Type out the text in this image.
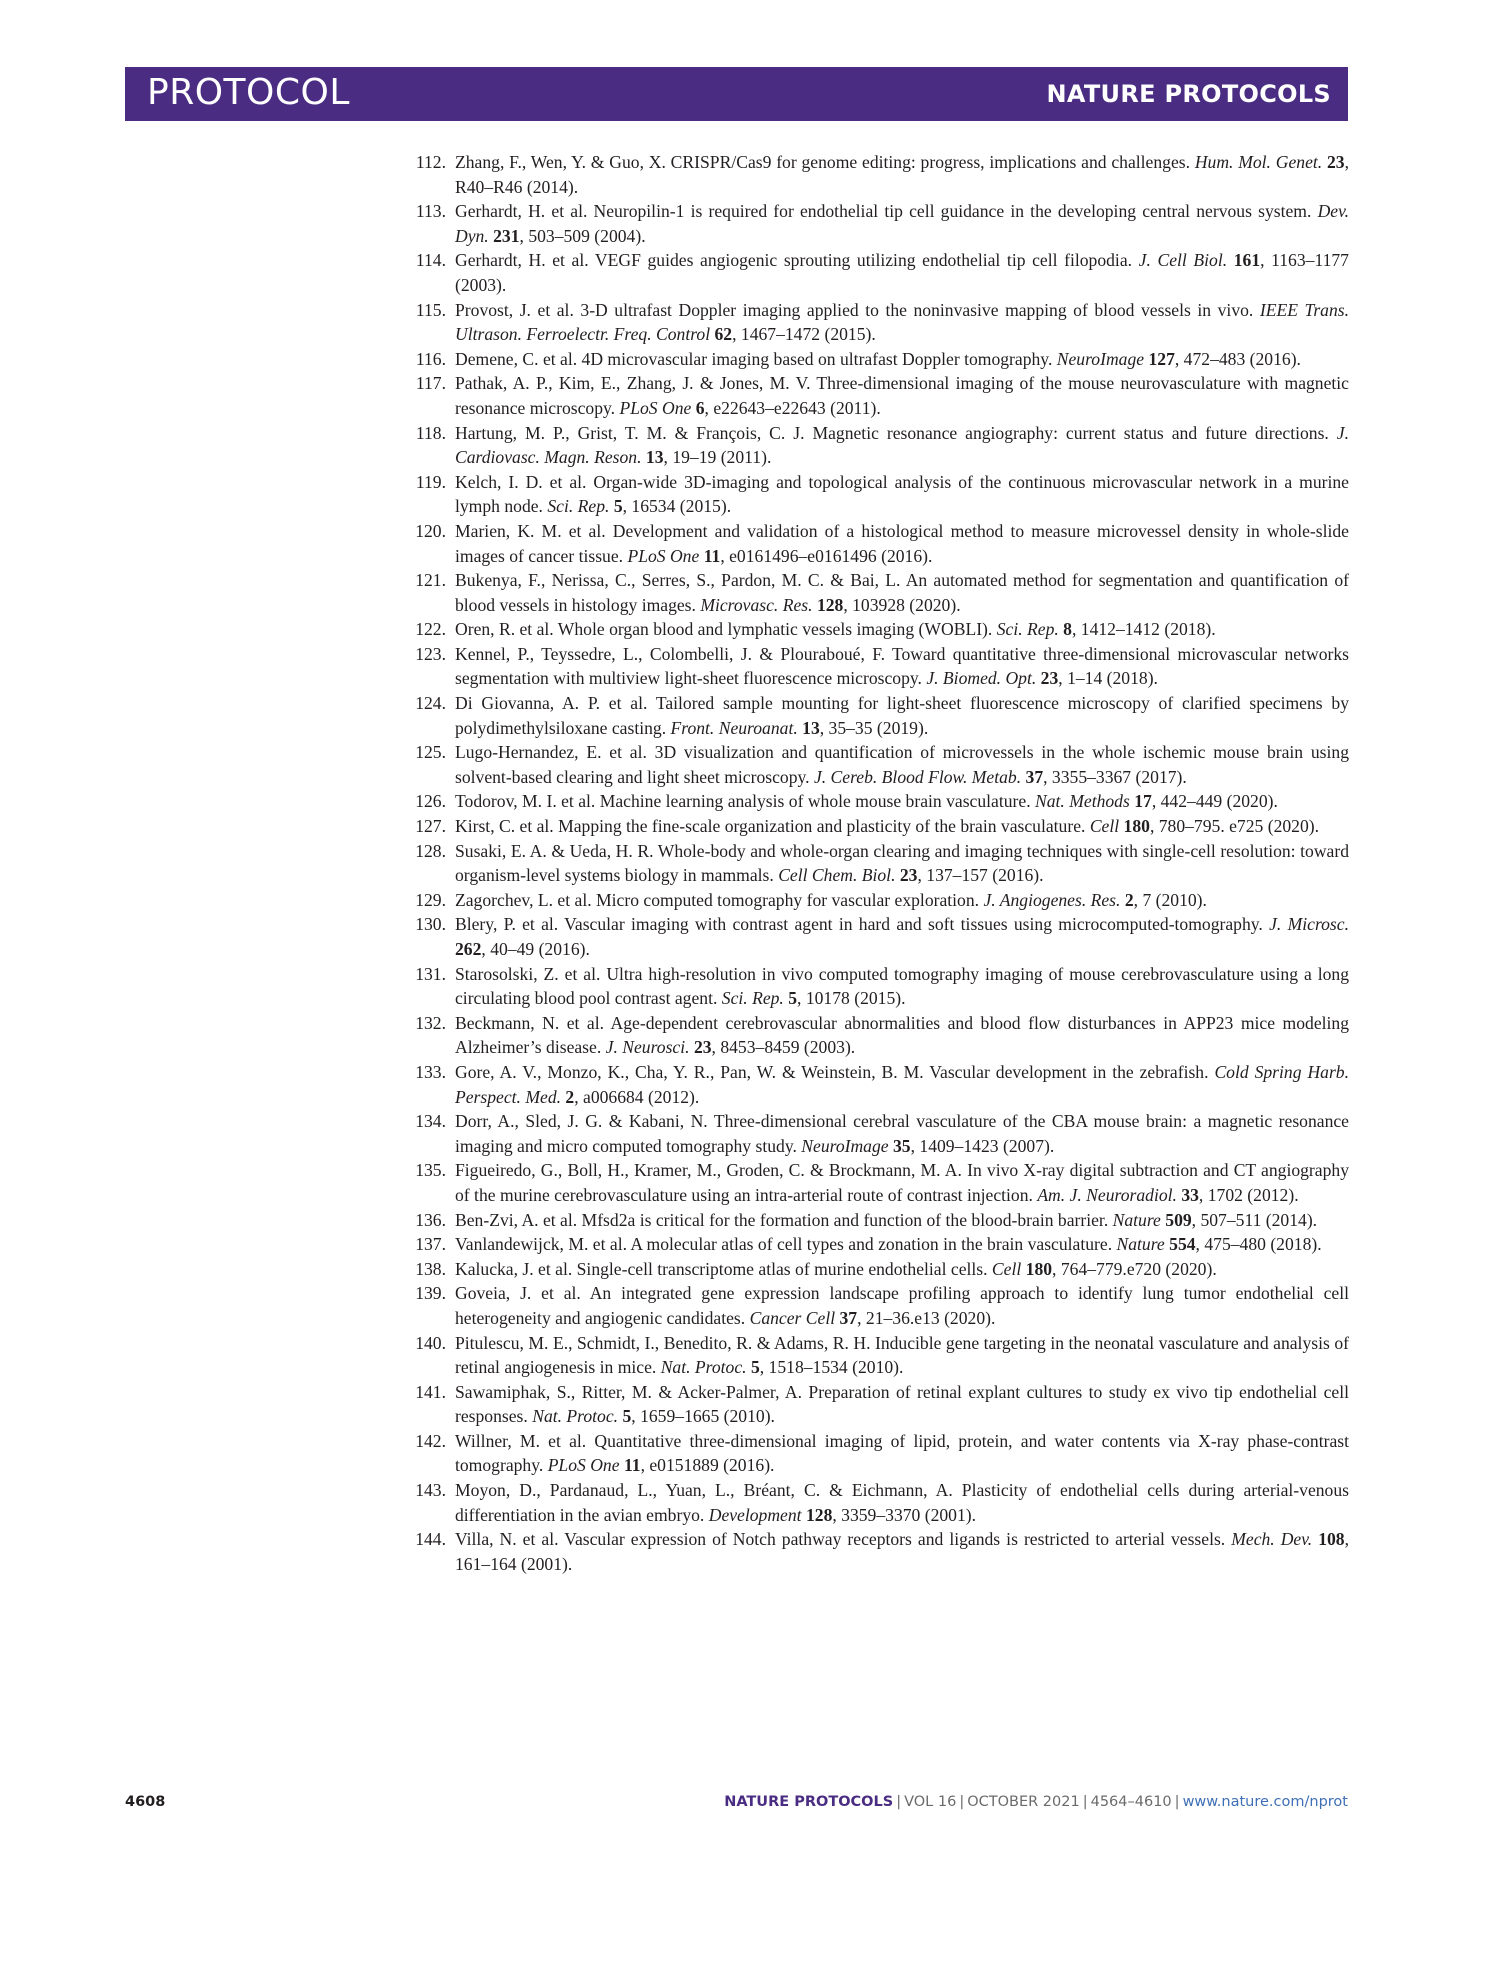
PROTOCOL	NATURE PROTOCOLS
112. Zhang, F., Wen, Y. & Guo, X. CRISPR/Cas9 for genome editing: progress, implications and challenges. Hum. Mol. Genet. 23, R40–R46 (2014).
113. Gerhardt, H. et al. Neuropilin-1 is required for endothelial tip cell guidance in the developing central nervous system. Dev. Dyn. 231, 503–509 (2004).
114. Gerhardt, H. et al. VEGF guides angiogenic sprouting utilizing endothelial tip cell filopodia. J. Cell Biol. 161, 1163–1177 (2003).
115. Provost, J. et al. 3-D ultrafast Doppler imaging applied to the noninvasive mapping of blood vessels in vivo. IEEE Trans. Ultrason. Ferroelectr. Freq. Control 62, 1467–1472 (2015).
116. Demene, C. et al. 4D microvascular imaging based on ultrafast Doppler tomography. NeuroImage 127, 472–483 (2016).
117. Pathak, A. P., Kim, E., Zhang, J. & Jones, M. V. Three-dimensional imaging of the mouse neurovasculature with magnetic resonance microscopy. PLoS One 6, e22643–e22643 (2011).
118. Hartung, M. P., Grist, T. M. & François, C. J. Magnetic resonance angiography: current status and future directions. J. Cardiovasc. Magn. Reson. 13, 19–19 (2011).
119. Kelch, I. D. et al. Organ-wide 3D-imaging and topological analysis of the continuous microvascular network in a murine lymph node. Sci. Rep. 5, 16534 (2015).
120. Marien, K. M. et al. Development and validation of a histological method to measure microvessel density in whole-slide images of cancer tissue. PLoS One 11, e0161496–e0161496 (2016).
121. Bukenya, F., Nerissa, C., Serres, S., Pardon, M. C. & Bai, L. An automated method for segmentation and quantification of blood vessels in histology images. Microvasc. Res. 128, 103928 (2020).
122. Oren, R. et al. Whole organ blood and lymphatic vessels imaging (WOBLI). Sci. Rep. 8, 1412–1412 (2018).
123. Kennel, P., Teyssedre, L., Colombelli, J. & Plouraboué, F. Toward quantitative three-dimensional microvascular networks segmentation with multiview light-sheet fluorescence microscopy. J. Biomed. Opt. 23, 1–14 (2018).
124. Di Giovanna, A. P. et al. Tailored sample mounting for light-sheet fluorescence microscopy of clarified specimens by polydimethylsiloxane casting. Front. Neuroanat. 13, 35–35 (2019).
125. Lugo-Hernandez, E. et al. 3D visualization and quantification of microvessels in the whole ischemic mouse brain using solvent-based clearing and light sheet microscopy. J. Cereb. Blood Flow. Metab. 37, 3355–3367 (2017).
126. Todorov, M. I. et al. Machine learning analysis of whole mouse brain vasculature. Nat. Methods 17, 442–449 (2020).
127. Kirst, C. et al. Mapping the fine-scale organization and plasticity of the brain vasculature. Cell 180, 780–795. e725 (2020).
128. Susaki, E. A. & Ueda, H. R. Whole-body and whole-organ clearing and imaging techniques with single-cell resolution: toward organism-level systems biology in mammals. Cell Chem. Biol. 23, 137–157 (2016).
129. Zagorchev, L. et al. Micro computed tomography for vascular exploration. J. Angiogenes. Res. 2, 7 (2010).
130. Blery, P. et al. Vascular imaging with contrast agent in hard and soft tissues using microcomputed-tomography. J. Microsc. 262, 40–49 (2016).
131. Starosolski, Z. et al. Ultra high-resolution in vivo computed tomography imaging of mouse cerebrovasculature using a long circulating blood pool contrast agent. Sci. Rep. 5, 10178 (2015).
132. Beckmann, N. et al. Age-dependent cerebrovascular abnormalities and blood flow disturbances in APP23 mice modeling Alzheimer’s disease. J. Neurosci. 23, 8453–8459 (2003).
133. Gore, A. V., Monzo, K., Cha, Y. R., Pan, W. & Weinstein, B. M. Vascular development in the zebrafish. Cold Spring Harb. Perspect. Med. 2, a006684 (2012).
134. Dorr, A., Sled, J. G. & Kabani, N. Three-dimensional cerebral vasculature of the CBA mouse brain: a magnetic resonance imaging and micro computed tomography study. NeuroImage 35, 1409–1423 (2007).
135. Figueiredo, G., Boll, H., Kramer, M., Groden, C. & Brockmann, M. A. In vivo X-ray digital subtraction and CT angiography of the murine cerebrovasculature using an intra-arterial route of contrast injection. Am. J. Neuroradiol. 33, 1702 (2012).
136. Ben-Zvi, A. et al. Mfsd2a is critical for the formation and function of the blood-brain barrier. Nature 509, 507–511 (2014).
137. Vanlandewijck, M. et al. A molecular atlas of cell types and zonation in the brain vasculature. Nature 554, 475–480 (2018).
138. Kalucka, J. et al. Single-cell transcriptome atlas of murine endothelial cells. Cell 180, 764–779.e720 (2020).
139. Goveia, J. et al. An integrated gene expression landscape profiling approach to identify lung tumor endothelial cell heterogeneity and angiogenic candidates. Cancer Cell 37, 21–36.e13 (2020).
140. Pitulescu, M. E., Schmidt, I., Benedito, R. & Adams, R. H. Inducible gene targeting in the neonatal vasculature and analysis of retinal angiogenesis in mice. Nat. Protoc. 5, 1518–1534 (2010).
141. Sawamiphak, S., Ritter, M. & Acker-Palmer, A. Preparation of retinal explant cultures to study ex vivo tip endothelial cell responses. Nat. Protoc. 5, 1659–1665 (2010).
142. Willner, M. et al. Quantitative three-dimensional imaging of lipid, protein, and water contents via X-ray phase-contrast tomography. PLoS One 11, e0151889 (2016).
143. Moyon, D., Pardanaud, L., Yuan, L., Bréant, C. & Eichmann, A. Plasticity of endothelial cells during arterial-venous differentiation in the avian embryo. Development 128, 3359–3370 (2001).
144. Villa, N. et al. Vascular expression of Notch pathway receptors and ligands is restricted to arterial vessels. Mech. Dev. 108, 161–164 (2001).
4608	NATURE PROTOCOLS | VOL 16 | OCTOBER 2021 | 4564–4610 | www.nature.com/nprot
